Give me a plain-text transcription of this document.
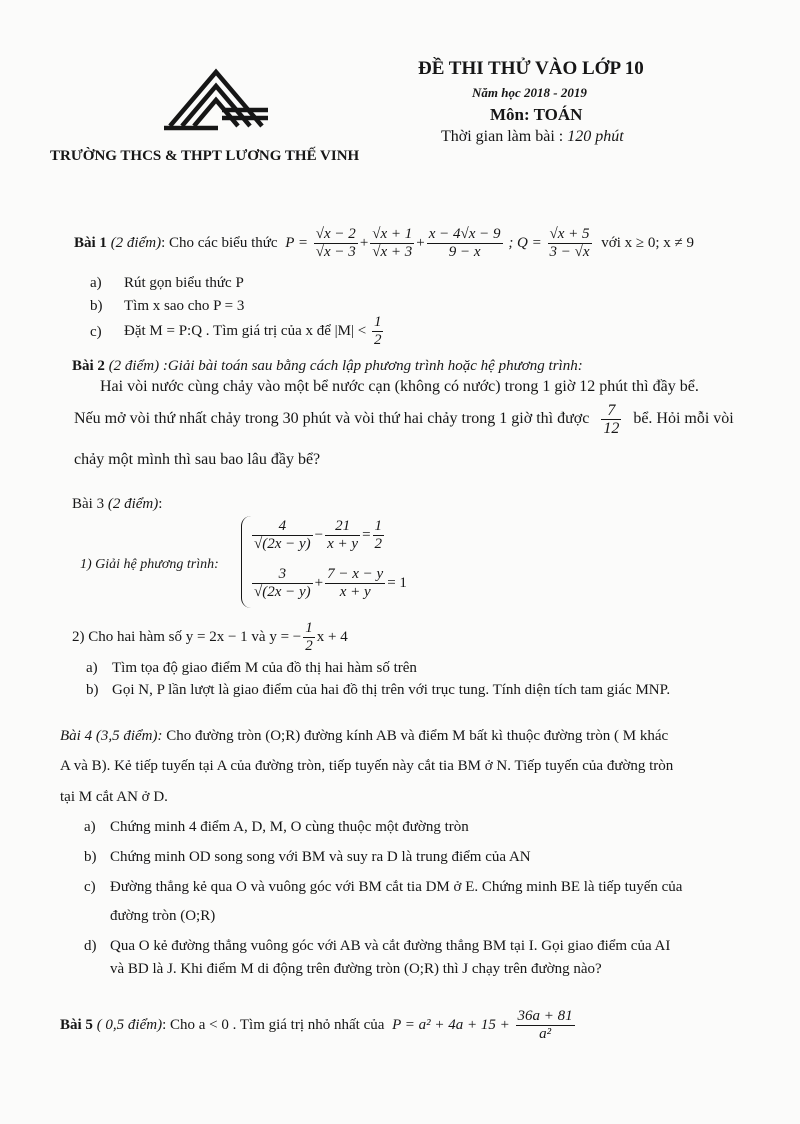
TRƯỜNG THCS & THPT LƯƠNG THẾ VINH
ĐỀ THI THỬ VÀO LỚP 10
Năm học 2018 - 2019
Môn: TOÁN
Thời gian làm bài : 120 phút
Bài 1 (2 điểm): Cho các biểu thức $P = \frac{√x - 2}{√x - 3} + \frac{√x + 1}{√x + 3} + \frac{x - 4√x - 9}{9 - x}$ ; $Q = \frac{√x + 5}{3 - √x}$ với x ≥ 0; x ≠ 9
a) Rút gọn biểu thức P
b) Tìm x sao cho P = 3
c) Đặt M = P:Q . Tìm giá trị của x để $|M| < \frac{1}{2}$
Bài 2 (2 điểm) :Giải bài toán sau bằng cách lập phương trình hoặc hệ phương trình:
Hai vòi nước cùng chảy vào một bể nước cạn (không có nước) trong 1 giờ 12 phút thì đầy bể.
Nếu mở vòi thứ nhất chảy trong 30 phút và vòi thứ hai chảy trong 1 giờ thì được $\frac{7}{12}$ bể. Hỏi mỗi vòi
chảy một mình thì sau bao lâu đầy bể?
Bài 3 (2 điểm):
1) Giải hệ phương trình:
$\frac{4}{√(2x - y)} - \frac{21}{x + y} = \frac{1}{2}$
$\frac{3}{√(2x - y)} + \frac{7 - x - y}{x + y} = 1$
2) Cho hai hàm số y = 2x − 1 và y = − $\frac{1}{2}$ x + 4
a) Tìm tọa độ giao điểm M của đồ thị hai hàm số trên
b) Gọi N, P lần lượt là giao điểm của hai đồ thị trên với trục tung. Tính diện tích tam giác MNP.
Bài 4 (3,5 điểm): Cho đường tròn (O;R) đường kính AB và điểm M bất kì thuộc đường tròn ( M khác
A và B). Kẻ tiếp tuyến tại A của đường tròn, tiếp tuyến này cắt tia BM ở N. Tiếp tuyến của đường tròn
tại M cắt AN ở D.
a) Chứng minh 4 điểm A, D, M, O cùng thuộc một đường tròn
b) Chứng minh OD song song với BM và suy ra D là trung điểm của AN
c) Đường thẳng kẻ qua O và vuông góc với BM cắt tia DM ở E. Chứng minh BE là tiếp tuyến của
đường tròn (O;R)
d) Qua O kẻ đường thẳng vuông góc với AB và cắt đường thẳng BM tại I. Gọi giao điểm của AI
và BD là J. Khi điểm M di động trên đường tròn (O;R) thì J chạy trên đường nào?
Bài 5 ( 0,5 điểm): Cho a < 0 . Tìm giá trị nhỏ nhất của $P = a^2 + 4a + 15 + \frac{36a + 81}{\text{a²}}$
